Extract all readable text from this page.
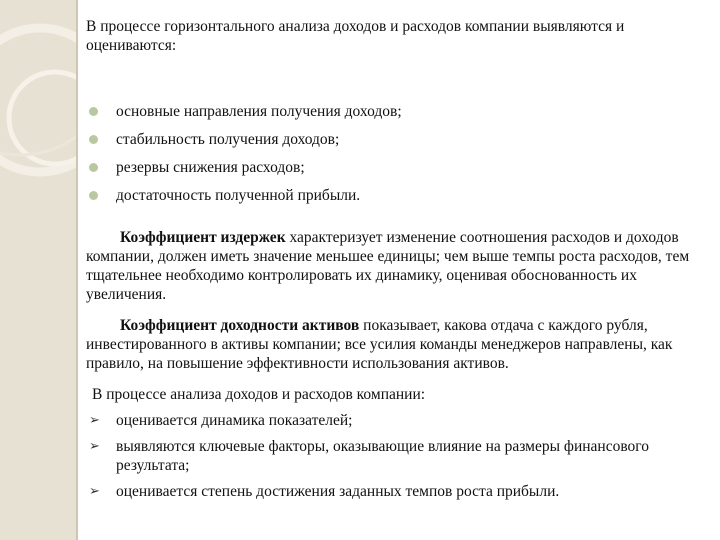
В процессе горизонтального анализа доходов и расходов компании выявляются и оцениваются:
основные направления получения доходов;
стабильность получения доходов;
резервы снижения расходов;
достаточность полученной прибыли.
Коэффициент издержек характеризует изменение соотношения расходов и доходов компании, должен иметь значение меньшее единицы; чем выше темпы роста расходов, тем тщательнее необходимо контролировать их динамику, оценивая обоснованность их увеличения.
Коэффициент доходности активов показывает, какова отдача с каждого рубля, инвестированного в активы компании; все усилия команды менеджеров направлены, как правило, на повышение эффективности использования активов.
В процессе анализа доходов и расходов компании:
➢ оценивается динамика показателей;
➢ выявляются ключевые факторы, оказывающие влияние на размеры финансового результата;
➢ оценивается степень достижения заданных темпов роста прибыли.
